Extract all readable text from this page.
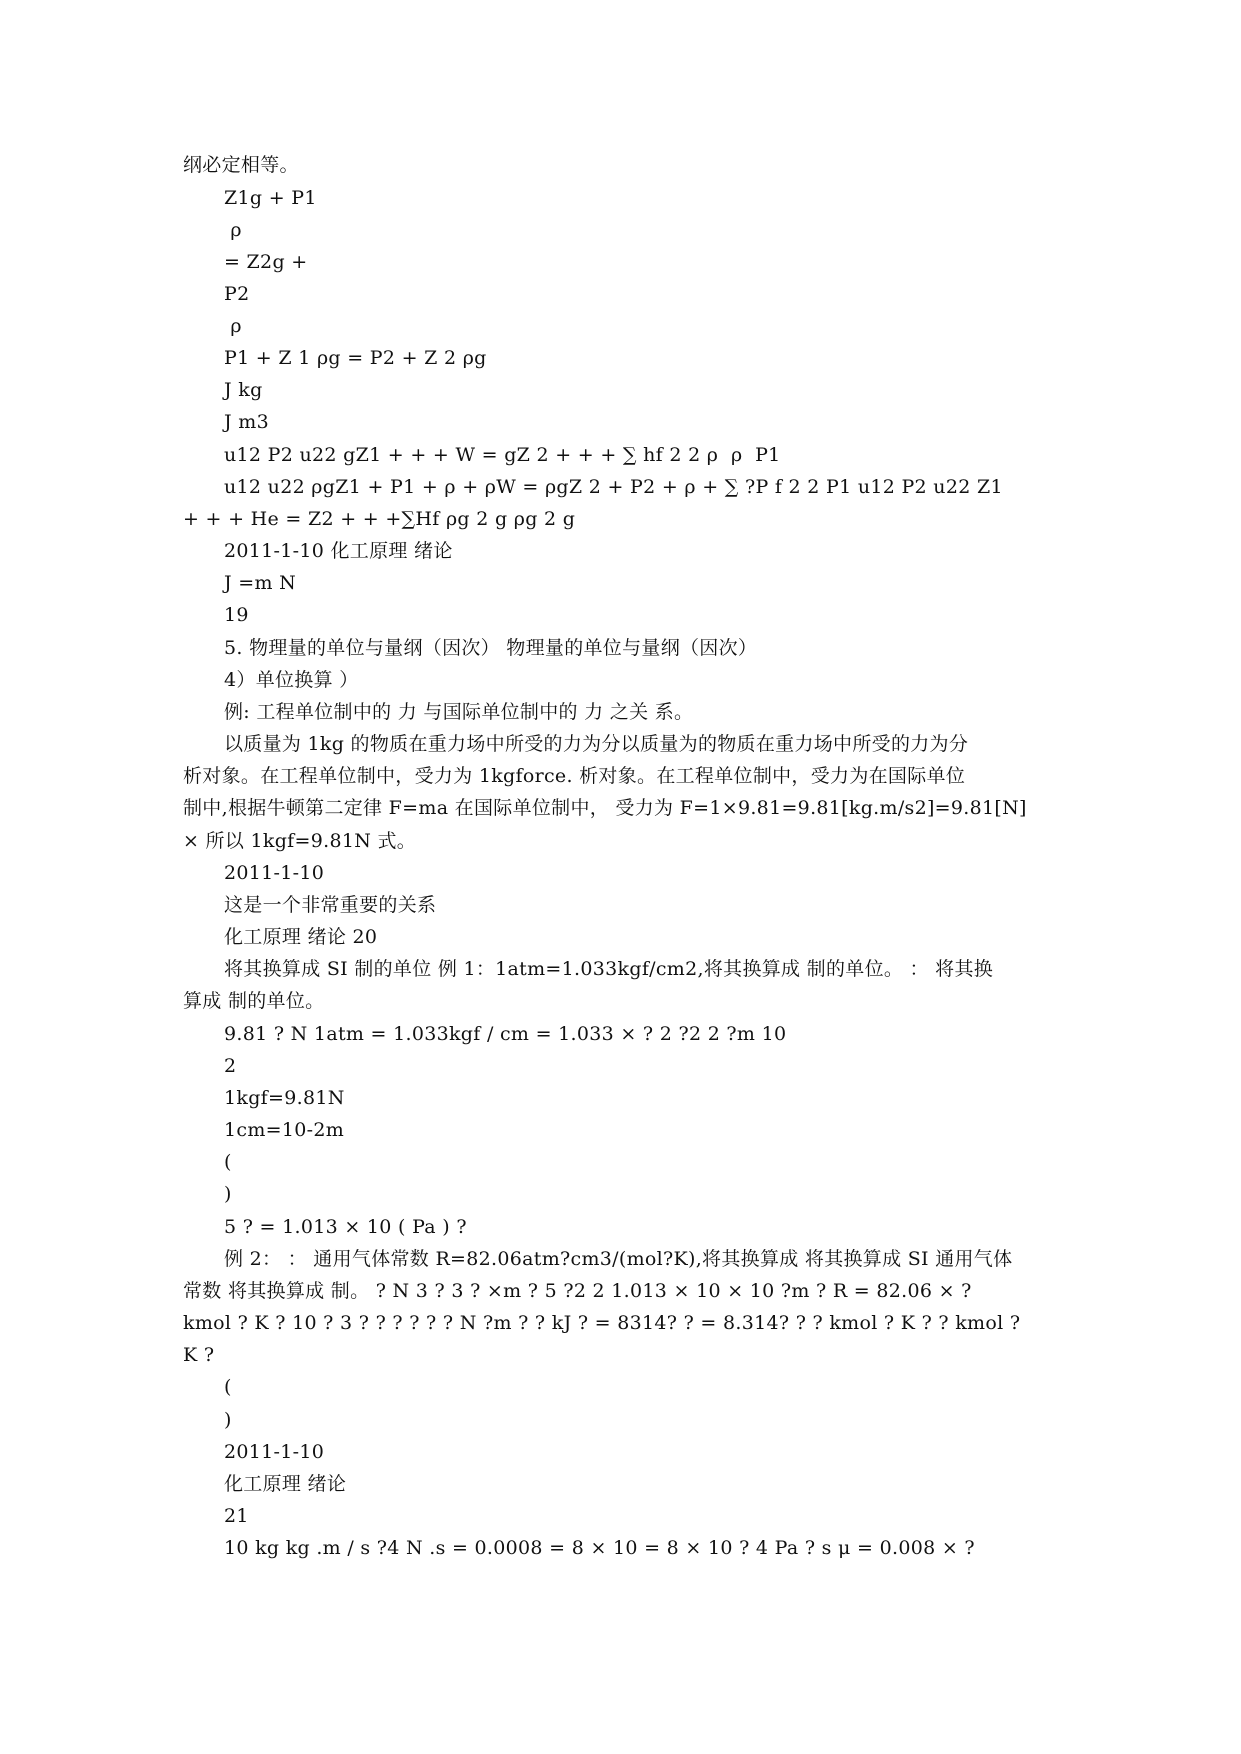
纲必定相等。
Z1g + P1
ρ
= Z2g +
P2
ρ
P1 + Z 1 ρg = P2 + Z 2 ρg
J kg
J m3
u12 P2 u22 gZ1 + + + W = gZ 2 + + + ∑ hf 2 2 ρ  ρ  P1
u12 u22 ρgZ1 + P1 + ρ + ρW = ρgZ 2 + P2 + ρ + ∑ ?P f 2 2 P1 u12 P2 u22 Z1
+ + + He = Z2 + + +∑Hf ρg 2 g ρg 2 g
2011-1-10 化工原理 绪论
J =m N
19
5. 物理量的单位与量纲（因次） 物理量的单位与量纲（因次）
4）单位换算 ）
例: 工程单位制中的 力 与国际单位制中的 力 之关 系。
以质量为 1kg 的物质在重力场中所受的力为分以质量为的物质在重力场中所受的力为分
析对象。在工程单位制中，受力为 1kgforce. 析对象。在工程单位制中，受力为在国际单位
制中,根据牛顿第二定律 F=ma 在国际单位制中， 受力为 F=1×9.81=9.81[kg.m/s2]=9.81[N]
× 所以 1kgf=9.81N 式。
2011-1-10
这是一个非常重要的关系
化工原理 绪论 20
将其换算成 SI 制的单位 例 1：1atm=1.033kgf/cm2,将其换算成 制的单位。 ： 将其换
算成 制的单位。
9.81 ? N 1atm = 1.033kgf / cm = 1.033 × ? 2 ?2 2 ?m 10
2
1kgf=9.81N
1cm=10-2m
(
)
5 ? = 1.013 × 10 ( Pa ) ?
例 2： ： 通用气体常数 R=82.06atm?cm3/(mol?K),将其换算成 将其换算成 SI 通用气体
常数 将其换算成 制。 ? N 3 ? 3 ? ×m ? 5 ?2 2 1.013 × 10 × 10 ?m ? R = 82.06 × ?
kmol ? K ? 10 ? 3 ? ? ? ? ? ? N ?m ? ? kJ ? = 8314? ? = 8.314? ? ? kmol ? K ? ? kmol ?
K ?
(
)
2011-1-10
化工原理 绪论
21
10 kg kg .m / s ?4 N .s = 0.0008 = 8 × 10 = 8 × 10 ? 4 Pa ? s μ = 0.008 × ?
